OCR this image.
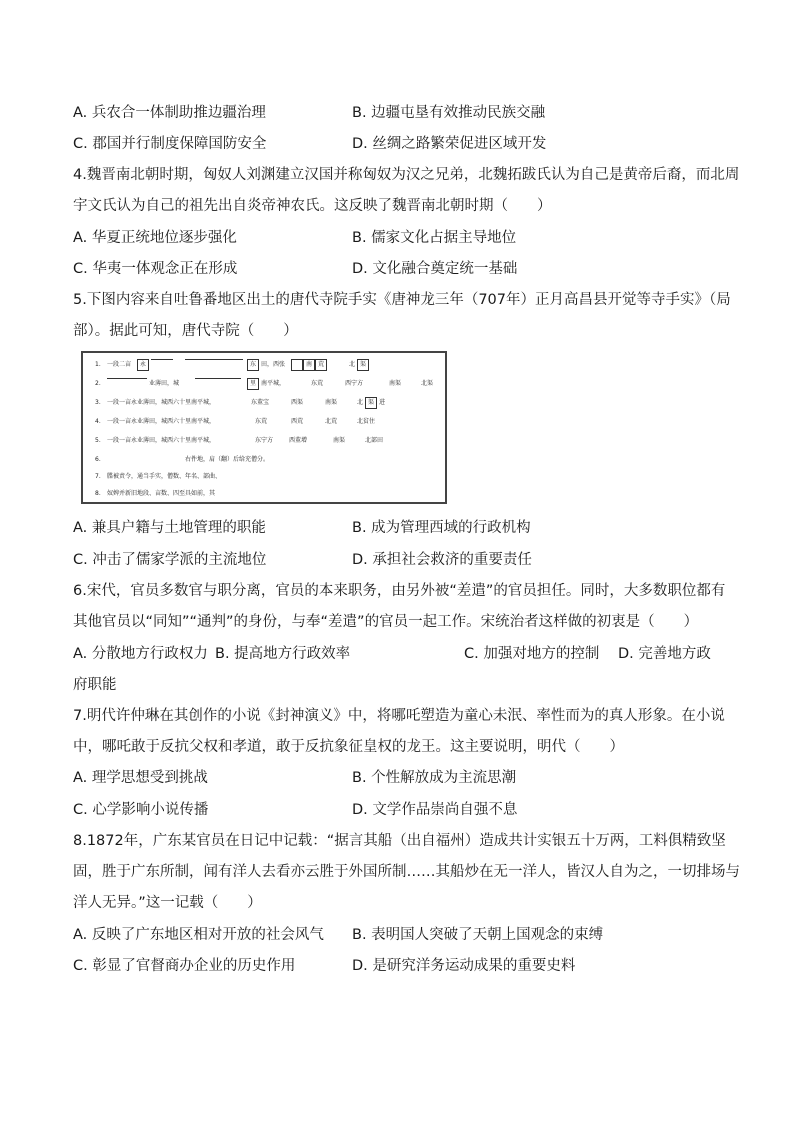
A. 兵农合一体制助推边疆治理	B. 边疆屯垦有效推动民族交融
C. 郡国并行制度保障国防安全	D. 丝绸之路繁荣促进区域开发
4.魏晋南北朝时期，匈奴人刘渊建立汉国并称匈奴为汉之兄弟，北魏拓跋氏认为自己是黄帝后裔，而北周
宇文氏认为自己的祖先出自炎帝神农氏。这反映了魏晋南北朝时期（　　）
A. 华夏正统地位逐步强化	B. 儒家文化占据主导地位
C. 华夷一体观念正在形成	D. 文化融合奠定统一基础
5.下图内容来自吐鲁番地区出土的唐代寺院手实《唐神龙三年（707年）正月高昌县开觉等寺手实》（局
部）。据此可知，唐代寺院（　　）
1. 一段二亩	永	东 田，西张	南 荒	北 渠
2.	业薄田，城	里 南平城，	东荒	西宁方	南渠	北渠
3. 一段一亩永业薄田，城西六十里南平城，	东董宝	西渠	南渠	北 渠 进
4. 一段一亩永业薄田，城西六十里南平城，	东荒	西荒	北荒	北贫住
5. 一段一亩永业薄田，城西六十里南平城，	东宁方	西董增	南渠	北部田
6.	右件地，肩（翻）后给充僧分。
7. 牒被责令，通当手实，僧数、年名、部曲、
8. 奴婢并新旧地段、亩数、四至具如前，其
A. 兼具户籍与土地管理的职能	B. 成为管理西域的行政机构
C. 冲击了儒家学派的主流地位	D. 承担社会救济的重要责任
6.宋代，官员多数官与职分离，官员的本来职务，由另外被“差遣”的官员担任。同时，大多数职位都有
其他官员以“同知”“通判”的身份，与奉“差遣”的官员一起工作。宋统治者这样做的初衷是（　　）
A. 分散地方行政权力 B. 提高地方行政效率	C. 加强对地方的控制 D. 完善地方政
府职能
7.明代许仲琳在其创作的小说《封神演义》中，将哪吒塑造为童心未泯、率性而为的真人形象。在小说
中，哪吒敢于反抗父权和孝道，敢于反抗象征皇权的龙王。这主要说明，明代（　　）
A. 理学思想受到挑战	B. 个性解放成为主流思潮
C. 心学影响小说传播	D. 文学作品崇尚自强不息
8.1872年，广东某官员在日记中记载：“据言其船（出自福州）造成共计实银五十万两，工料俱精致坚
固，胜于广东所制，闻有洋人去看亦云胜于外国所制……其船炒在无一洋人，皆汉人自为之，一切排场与
洋人无异。”这一记载（　　）
A. 反映了广东地区相对开放的社会风气 B. 表明国人突破了天朝上国观念的束缚
C. 彰显了官督商办企业的历史作用	D. 是研究洋务运动成果的重要史料
